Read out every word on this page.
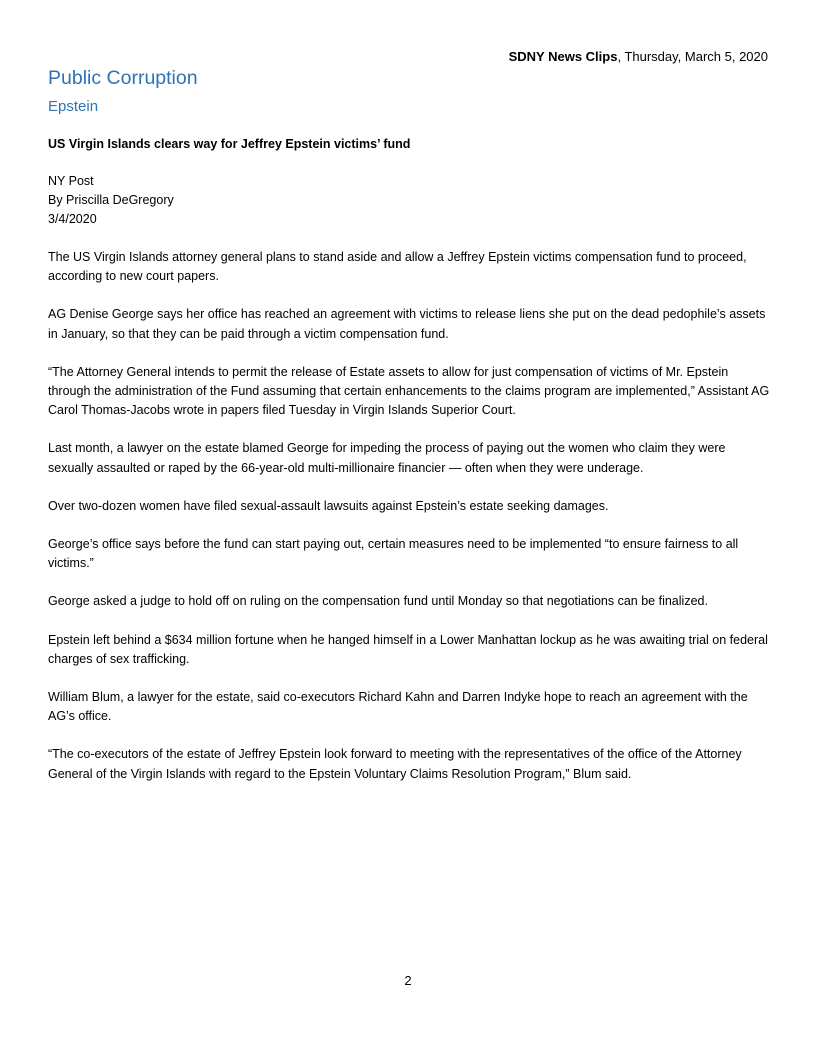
SDNY News Clips, Thursday, March 5, 2020
Public Corruption
Epstein
US Virgin Islands clears way for Jeffrey Epstein victims’ fund
NY Post
By Priscilla DeGregory
3/4/2020

The US Virgin Islands attorney general plans to stand aside and allow a Jeffrey Epstein victims compensation fund to proceed, according to new court papers.

AG Denise George says her office has reached an agreement with victims to release liens she put on the dead pedophile’s assets in January, so that they can be paid through a victim compensation fund.

“The Attorney General intends to permit the release of Estate assets to allow for just compensation of victims of Mr. Epstein through the administration of the Fund assuming that certain enhancements to the claims program are implemented,” Assistant AG Carol Thomas-Jacobs wrote in papers filed Tuesday in Virgin Islands Superior Court.

Last month, a lawyer on the estate blamed George for impeding the process of paying out the women who claim they were sexually assaulted or raped by the 66-year-old multi-millionaire financier — often when they were underage.

Over two-dozen women have filed sexual-assault lawsuits against Epstein’s estate seeking damages.

George’s office says before the fund can start paying out, certain measures need to be implemented “to ensure fairness to all victims.”

George asked a judge to hold off on ruling on the compensation fund until Monday so that negotiations can be finalized.

Epstein left behind a $634 million fortune when he hanged himself in a Lower Manhattan lockup as he was awaiting trial on federal charges of sex trafficking.

William Blum, a lawyer for the estate, said co-executors Richard Kahn and Darren Indyke hope to reach an agreement with the AG’s office.

“The co-executors of the estate of Jeffrey Epstein look forward to meeting with the representatives of the office of the Attorney General of the Virgin Islands with regard to the Epstein Voluntary Claims Resolution Program,” Blum said.

2
